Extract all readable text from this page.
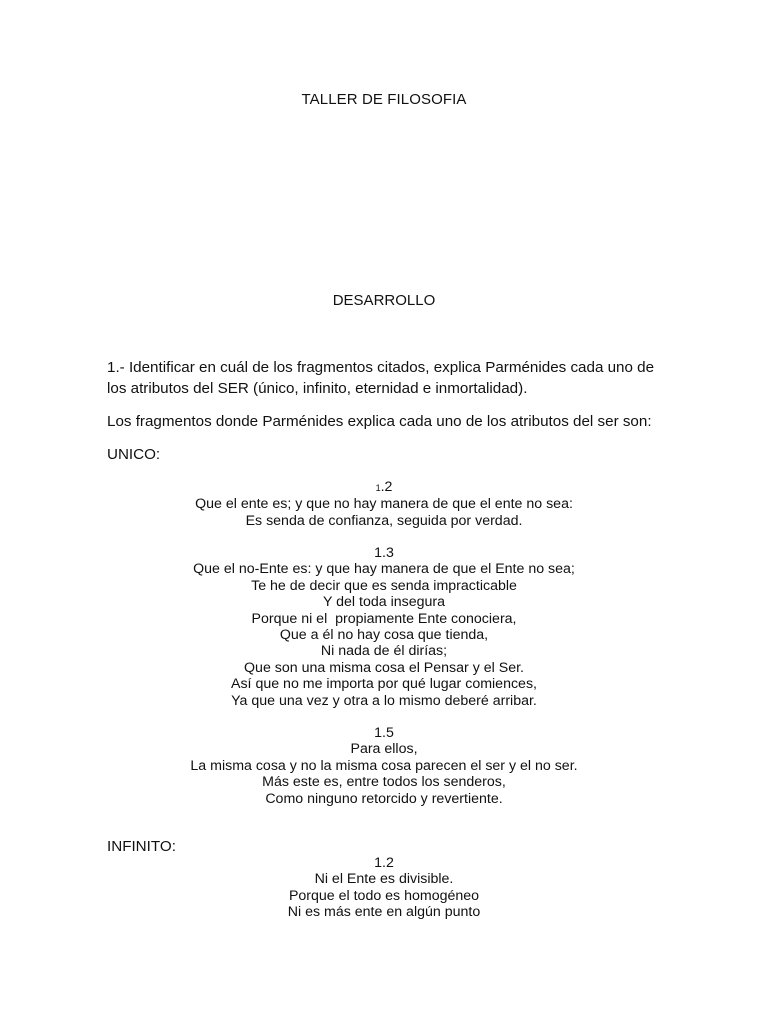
TALLER DE FILOSOFIA
DESARROLLO
1.- Identificar en cuál de los fragmentos citados, explica Parménides cada uno de los atributos del SER (único, infinito, eternidad e inmortalidad).
Los fragmentos donde Parménides explica cada uno de los atributos del ser son:
UNICO:
1.2
Que el ente es; y que no hay manera de que el ente no sea:
Es senda de confianza, seguida por verdad.
1.3
Que el no-Ente es: y que hay manera de que el Ente no sea;
Te he de decir que es senda impracticable
Y del toda insegura
Porque ni el  propiamente Ente conociera,
Que a él no hay cosa que tienda,
Ni nada de él dirías;
Que son una misma cosa el Pensar y el Ser.
Así que no me importa por qué lugar comiences,
Ya que una vez y otra a lo mismo deberé arribar.
1.5
Para ellos,
La misma cosa y no la misma cosa parecen el ser y el no ser.
Más este es, entre todos los senderos,
Como ninguno retorcido y revertiente.
INFINITO:
1.2
Ni el Ente es divisible.
Porque el todo es homogéneo
Ni es más ente en algún punto
